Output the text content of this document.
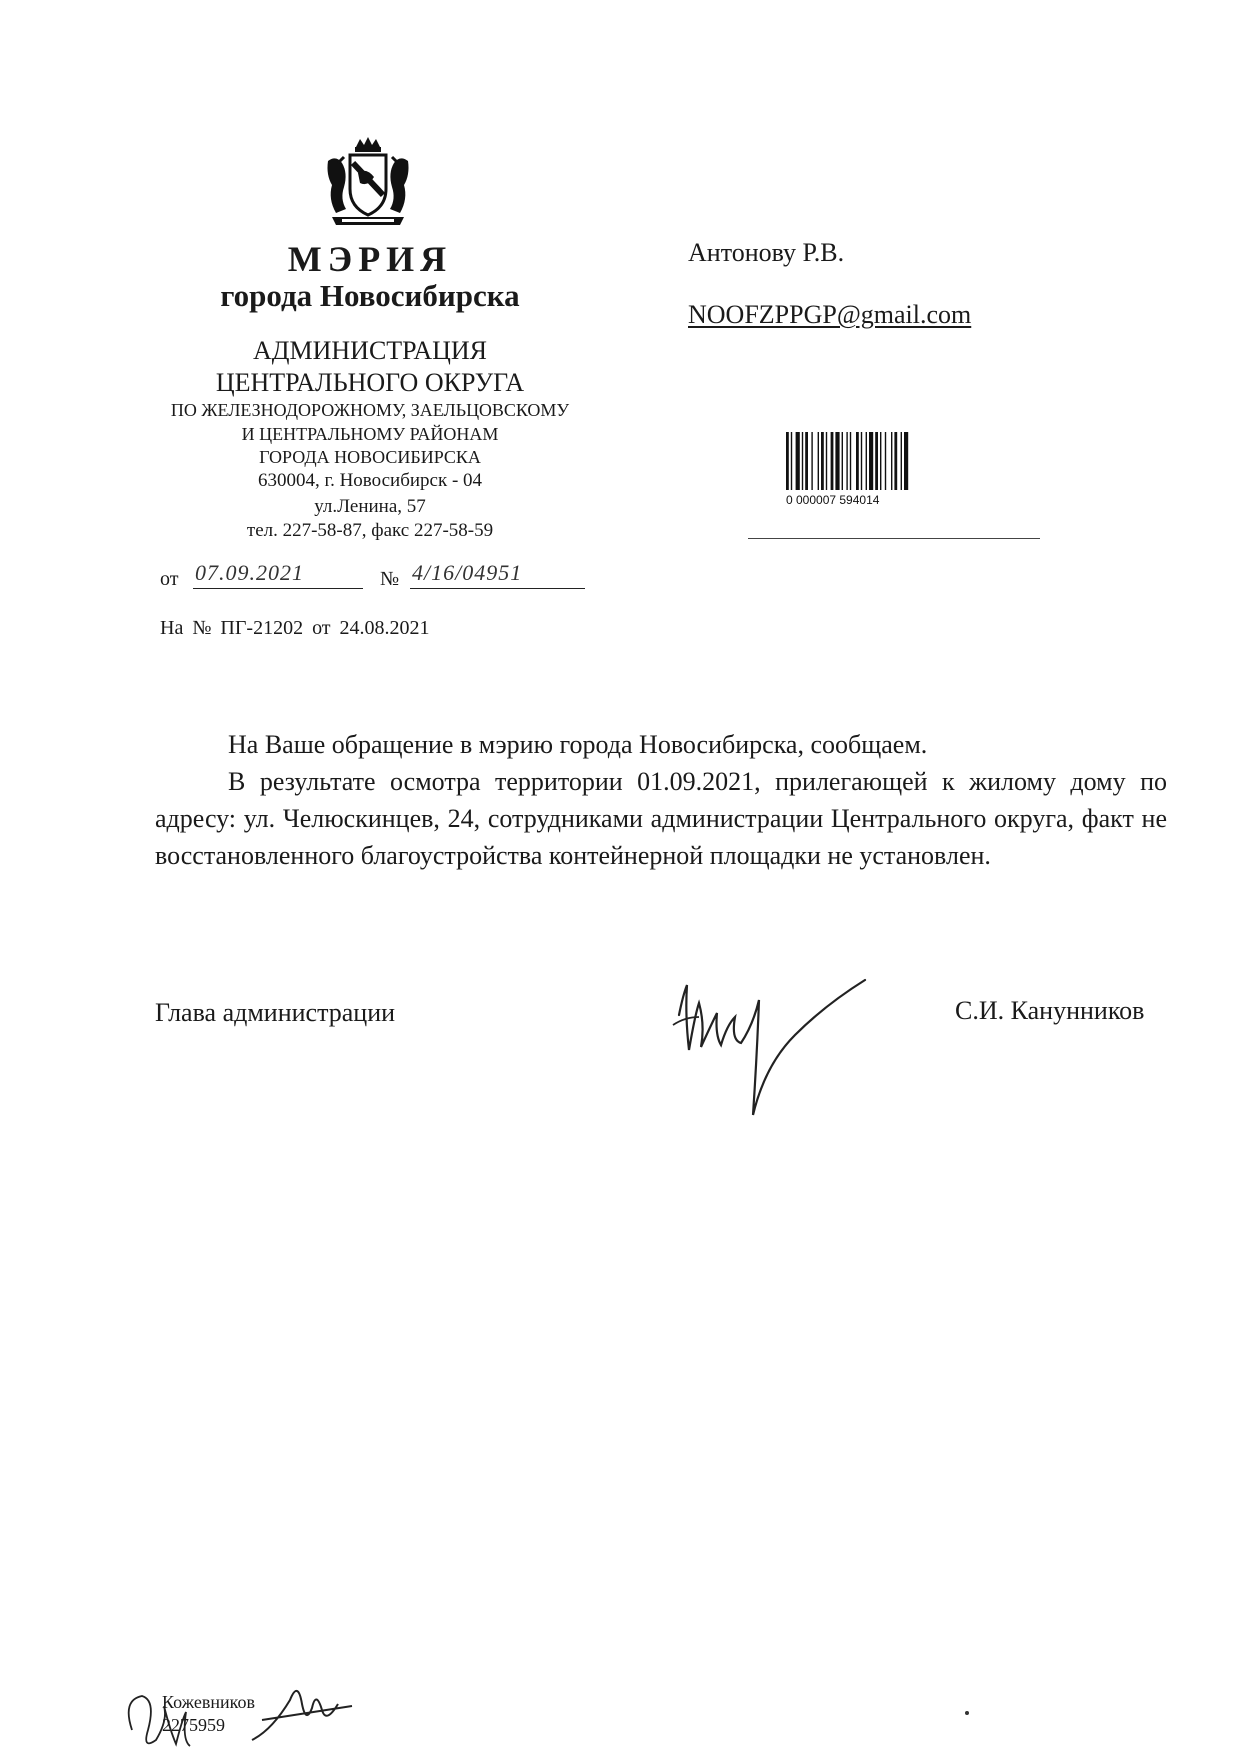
МЭРИЯ
города Новосибирска
АДМИНИСТРАЦИЯ
ЦЕНТРАЛЬНОГО ОКРУГА
ПО ЖЕЛЕЗНОДОРОЖНОМУ, ЗАЕЛЬЦОВСКОМУ
И ЦЕНТРАЛЬНОМУ РАЙОНАМ
ГОРОДА НОВОСИБИРСКА
630004, г. Новосибирск - 04
ул.Ленина, 57
тел. 227-58-87, факс 227-58-59
от 07.09.2021	№ 4/16/04951
На № ПГ-21202 от 24.08.2021
Антонову Р.В.
NOOFZPPGP@gmail.com
0 000007 594014
На Ваше обращение в мэрию города Новосибирска, сообщаем.
В результате осмотра территории 01.09.2021, прилегающей к жилому дому по адресу: ул. Челюскинцев, 24, сотрудниками администрации Центрального округа, факт не восстановленного благоустройства контейнерной площадки не установлен.
Глава администрации	С.И. Канунников
Кожевников
2275959
